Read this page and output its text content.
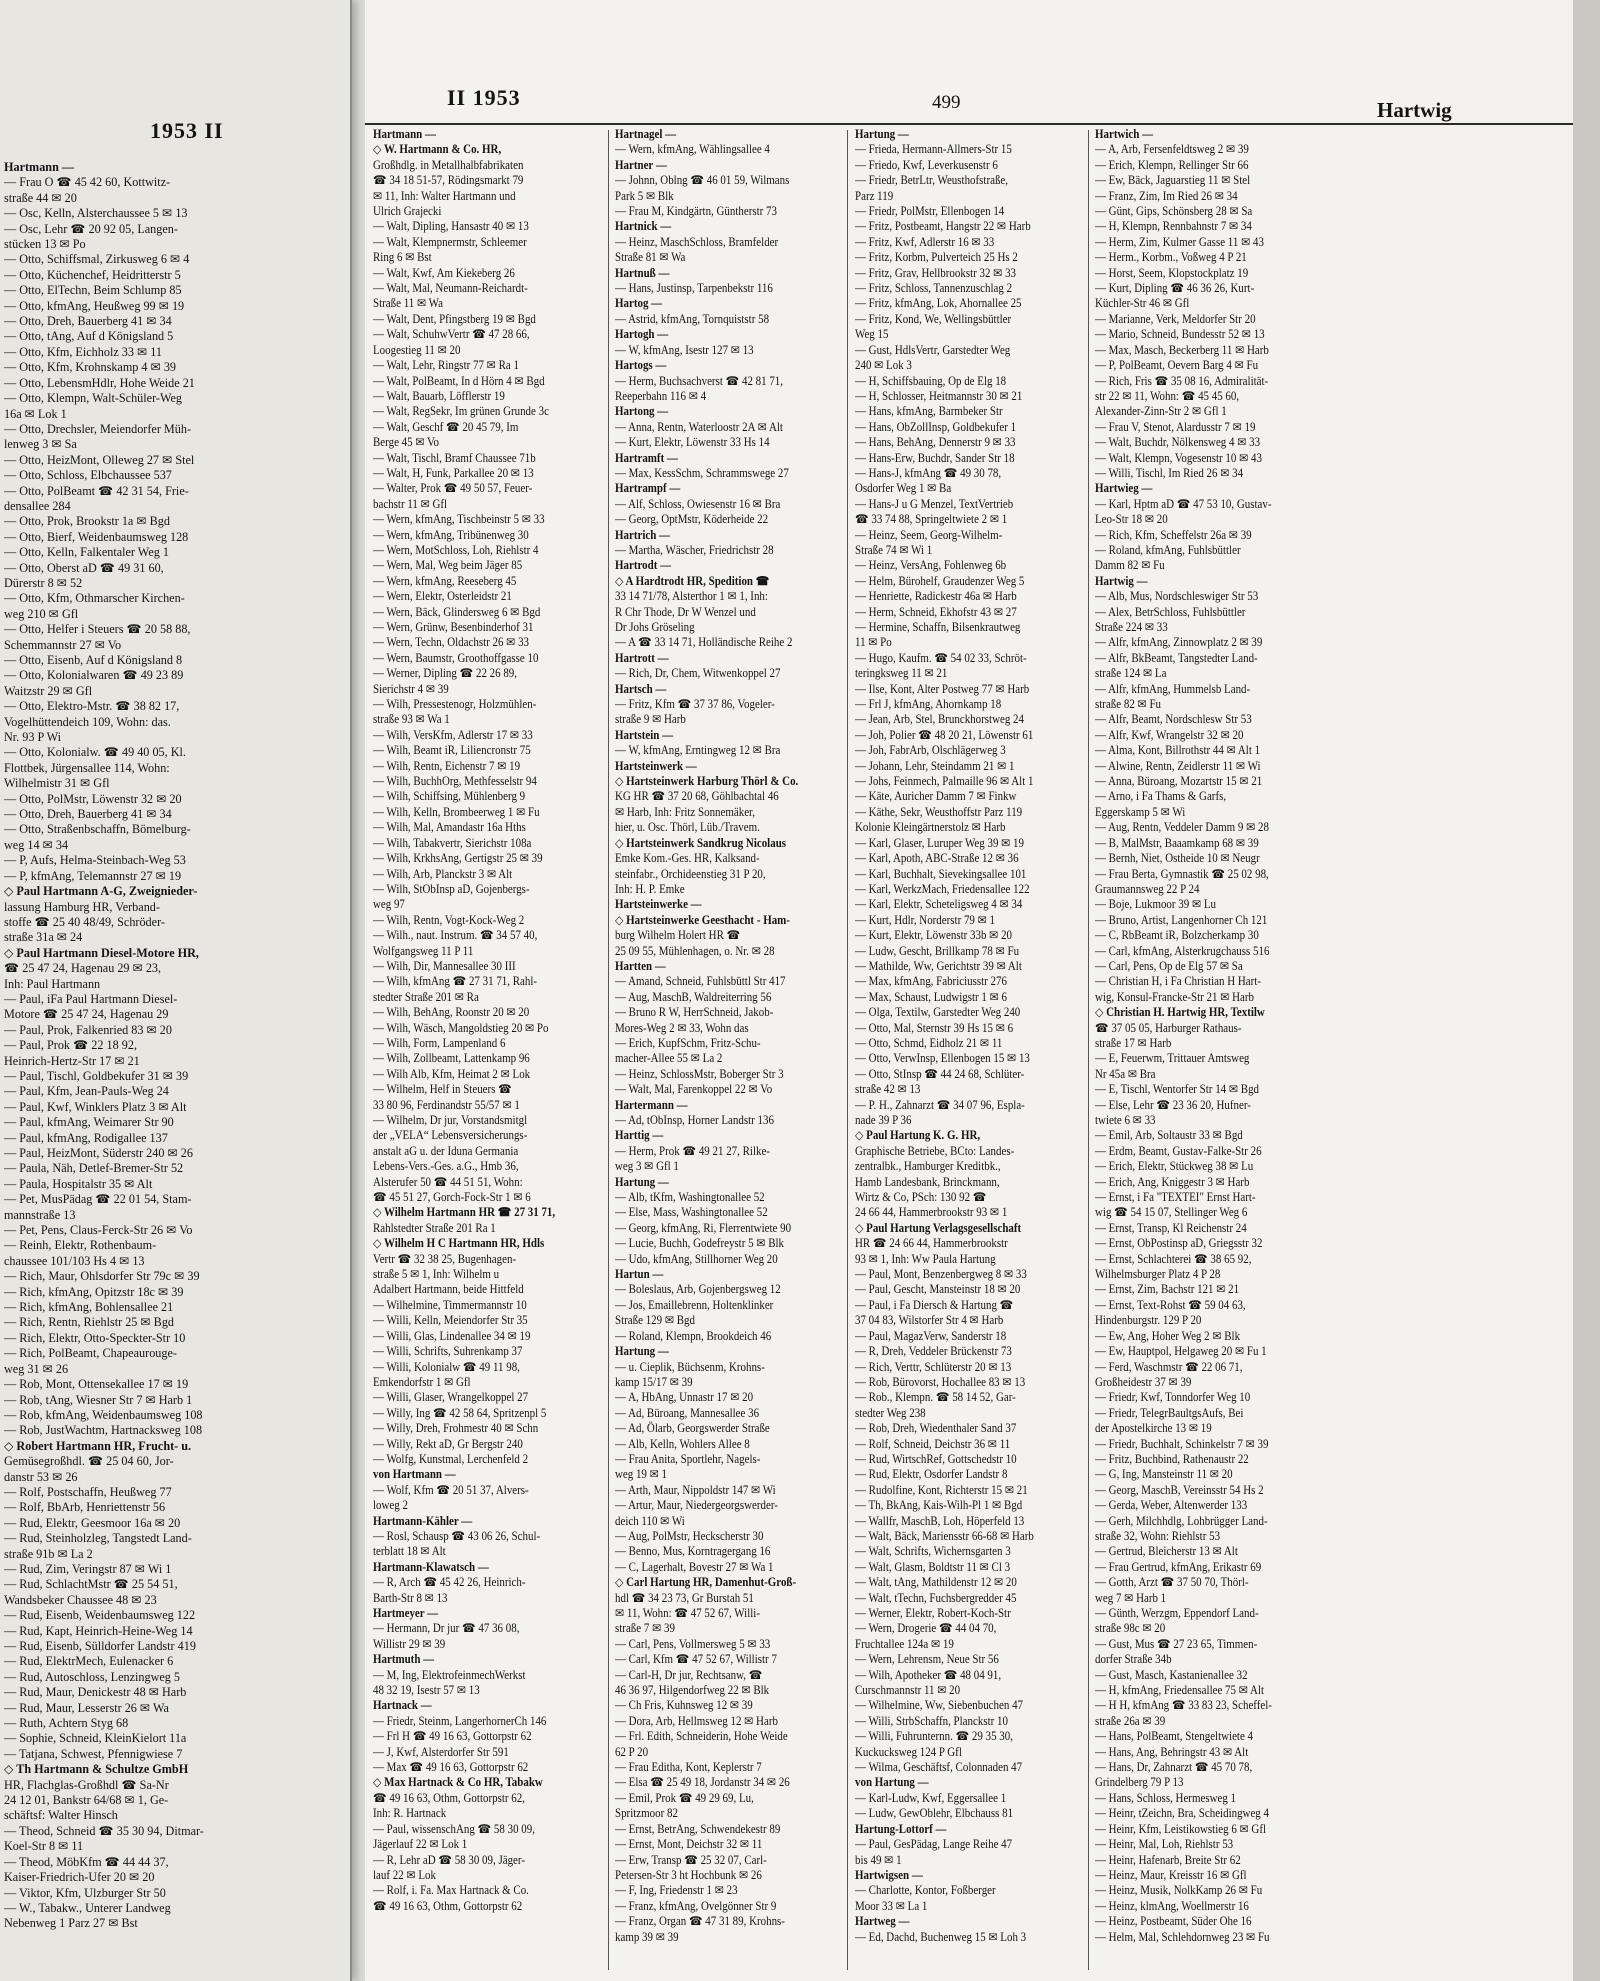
1953 II
Hartmann —
— Frau O ☎ 45 42 60, Kottwitz-
straße 44 ✉ 20
— Osc, Kelln, Alsterchaussee 5 ✉ 13
— Osc, Lehr ☎ 20 92 05, Langen-
stücken 13 ✉ Po
— Otto, Schiffsmal, Zirkusweg 6 ✉ 4
— Otto, Küchenchef, Heidritterstr 5
— Otto, ElTechn, Beim Schlump 85
— Otto, kfmAng, Heußweg 99 ✉ 19
— Otto, Dreh, Bauerberg 41 ✉ 34
— Otto, tAng, Auf d Königsland 5
— Otto, Kfm, Eichholz 33 ✉ 11
— Otto, Kfm, Krohnskamp 4 ✉ 39
— Otto, LebensmHdlr, Hohe Weide 21
— Otto, Klempn, Walt-Schüler-Weg
16a ✉ Lok 1
— Otto, Drechsler, Meiendorfer Müh-
lenweg 3 ✉ Sa
— Otto, HeizMont, Olleweg 27 ✉ Stel
— Otto, Schloss, Elbchaussee 537
— Otto, PolBeamt ☎ 42 31 54, Frie-
densallee 284
— Otto, Prok, Brookstr 1a ✉ Bgd
— Otto, Bierf, Weidenbaumsweg 128
— Otto, Kelln, Falkentaler Weg 1
— Otto, Oberst aD ☎ 49 31 60,
Dürerstr 8 ✉ 52
— Otto, Kfm, Othmarscher Kirchen-
weg 210 ✉ Gfl
— Otto, Helfer i Steuers ☎ 20 58 88,
Schemmannstr 27 ✉ Vo
— Otto, Eisenb, Auf d Königsland 8
— Otto, Kolonialwaren ☎ 49 23 89
Waitzstr 29 ✉ Gfl
— Otto, Elektro-Mstr. ☎ 38 82 17,
Vogelhüttendeich 109, Wohn: das.
Nr. 93 P Wi
— Otto, Kolonialw. ☎ 49 40 05, Kl.
Flottbek, Jürgensallee 114, Wohn:
Wilhelmistr 31 ✉ Gfl
— Otto, PolMstr, Löwenstr 32 ✉ 20
— Otto, Dreh, Bauerberg 41 ✉ 34
— Otto, Straßenbschaffn, Bömelburg-
weg 14 ✉ 34
— P, Aufs, Helma-Steinbach-Weg 53
— P, kfmAng, Telemannstr 27 ✉ 19
◇ Paul Hartmann A-G, Zweignieder-
lassung Hamburg HR, Verband-
stoffe ☎ 25 40 48/49, Schröder-
straße 31a ✉ 24
◇ Paul Hartmann Diesel-Motore HR,
☎ 25 47 24, Hagenau 29 ✉ 23,
Inh: Paul Hartmann
— Paul, iFa Paul Hartmann Diesel-
Motore ☎ 25 47 24, Hagenau 29
— Paul, Prok, Falkenried 83 ✉ 20
— Paul, Prok ☎ 22 18 92,
Heinrich-Hertz-Str 17 ✉ 21
— Paul, Tischl, Goldbekufer 31 ✉ 39
— Paul, Kfm, Jean-Pauls-Weg 24
— Paul, Kwf, Winklers Platz 3 ✉ Alt
— Paul, kfmAng, Weimarer Str 90
— Paul, kfmAng, Rodigallee 137
— Paul, HeizMont, Süderstr 240 ✉ 26
— Paula, Näh, Detlef-Bremer-Str 52
— Paula, Hospitalstr 35 ✉ Alt
— Pet, MusPädag ☎ 22 01 54, Stam-
mannstraße 13
— Pet, Pens, Claus-Ferck-Str 26 ✉ Vo
— Reinh, Elektr, Rothenbaum-
chaussee 101/103 Hs 4 ✉ 13
— Rich, Maur, Ohlsdorfer Str 79c ✉ 39
— Rich, kfmAng, Opitzstr 18c ✉ 39
— Rich, kfmAng, Bohlensallee 21
— Rich, Rentn, Riehlstr 25 ✉ Bgd
— Rich, Elektr, Otto-Speckter-Str 10
— Rich, PolBeamt, Chapeaurouge-
weg 31 ✉ 26
— Rob, Mont, Ottensekallee 17 ✉ 19
— Rob, tAng, Wiesner Str 7 ✉ Harb 1
— Rob, kfmAng, Weidenbaumsweg 108
— Rob, JustWachtm, Hartnacksweg 108
◇ Robert Hartmann HR, Frucht- u.
Gemüsegroßhdl. ☎ 25 04 60, Jor-
danstr 53 ✉ 26
— Rolf, Postschaffn, Heußweg 77
— Rolf, BbArb, Henriettenstr 56
— Rud, Elektr, Geesmoor 16a ✉ 20
— Rud, Steinholzleg, Tangstedt Land-
straße 91b ✉ La 2
— Rud, Zim, Veringstr 87 ✉ Wi 1
— Rud, SchlachtMstr ☎ 25 54 51,
Wandsbeker Chaussee 48 ✉ 23
— Rud, Eisenb, Weidenbaumsweg 122
— Rud, Kapt, Heinrich-Heine-Weg 14
— Rud, Eisenb, Sülldorfer Landstr 419
— Rud, ElektrMech, Eulenacker 6
— Rud, Autoschloss, Lenzingweg 5
— Rud, Maur, Denickestr 48 ✉ Harb
— Rud, Maur, Lesserstr 26 ✉ Wa
— Ruth, Achtern Styg 68
— Sophie, Schneid, KleinKielort 11a
— Tatjana, Schwest, Pfennigwiese 7
◇ Th Hartmann & Schultze GmbH
HR, Flachglas-Großhdl ☎ Sa-Nr
24 12 01, Bankstr 64/68 ✉ 1, Ge-
schäftsf: Walter Hinsch
— Theod, Schneid ☎ 35 30 94, Ditmar-
Koel-Str 8 ✉ 11
— Theod, MöbKfm ☎ 44 44 37,
Kaiser-Friedrich-Ufer 20 ✉ 20
— Viktor, Kfm, Ulzburger Str 50
— W., Tabakw., Unterer Landweg
Nebenweg 1 Parz 27 ✉ Bst
II 1953	499	Hartwig
Hartmann —
◇ W. Hartmann & Co. HR,
Großhdlg. in Metallhalbfabrikaten
☎ 34 18 51-57, Rödingsmarkt 79
✉ 11, Inh: Walter Hartmann und
Ulrich Grajecki
— Walt, Dipling, Hansastr 40 ✉ 13
— Walt, Klempnermstr, Schleemer
Ring 6 ✉ Bst
— Walt, Kwf, Am Kiekeberg 26
— Walt, Mal, Neumann-Reichardt-
Straße 11 ✉ Wa
— Walt, Dent, Pfingstberg 19 ✉ Bgd
— Walt, SchuhwVertr ☎ 47 28 66,
Loogestieg 11 ✉ 20
— Walt, Lehr, Ringstr 77 ✉ Ra 1
— Walt, PolBeamt, In d Hörn 4 ✉ Bgd
— Walt, Bauarb, Löfflerstr 19
— Walt, RegSekr, Im grünen Grunde 3c
— Walt, Geschf ☎ 20 45 79, Im
Berge 45 ✉ Vo
— Walt, Tischl, Bramf Chaussee 71b
— Walt, H, Funk, Parkallee 20 ✉ 13
— Walter, Prok ☎ 49 50 57, Feuer-
bachstr 11 ✉ Gfl
— Wern, kfmAng, Tischbeinstr 5 ✉ 33
— Wern, kfmAng, Tribünenweg 30
— Wern, MotSchloss, Loh, Riehlstr 4
— Wern, Mal, Weg beim Jäger 85
— Wern, kfmAng, Reeseberg 45
— Wern, Elektr, Osterleidstr 21
— Wern, Bäck, Glindersweg 6 ✉ Bgd
— Wern, Grünw, Besenbinderhof 31
— Wern, Techn, Oldachstr 26 ✉ 33
— Wern, Baumstr, Groothoffgasse 10
— Werner, Dipling ☎ 22 26 89,
Sierichstr 4 ✉ 39
— Wilh, Pressestenogr, Holzmühlen-
straße 93 ✉ Wa 1
— Wilh, VersKfm, Adlerstr 17 ✉ 33
— Wilh, Beamt iR, Liliencronstr 75
— Wilh, Rentn, Eichenstr 7 ✉ 19
— Wilh, BuchhOrg, Methfesselstr 94
— Wilh, Schiffsing, Mühlenberg 9
— Wilh, Kelln, Brombeerweg 1 ✉ Fu
— Wilh, Mal, Amandastr 16a Hths
— Wilh, Tabakvertr, Sierichstr 108a
— Wilh, KrkhsAng, Gertigstr 25 ✉ 39
— Wilh, Arb, Planckstr 3 ✉ Alt
— Wilh, StObInsp aD, Gojenbergs-
weg 97
— Wilh, Rentn, Vogt-Kock-Weg 2
— Wilh., naut. Instrum. ☎ 34 57 40,
Wolfgangsweg 11 P 11
— Wilh, Dir, Mannesallee 30 III
— Wilh, kfmAng ☎ 27 31 71, Rahl-
stedter Straße 201 ✉ Ra
— Wilh, BehAng, Roonstr 20 ✉ 20
— Wilh, Wäsch, Mangoldstieg 20 ✉ Po
— Wilh, Form, Lampenland 6
— Wilh, Zollbeamt, Lattenkamp 96
— Wilh Alb, Kfm, Heimat 2 ✉ Lok
— Wilhelm, Helf in Steuers ☎
33 80 96, Ferdinandstr 55/57 ✉ 1
— Wilhelm, Dr jur, Vorstandsmitgl
der „VELA“ Lebensversicherungs-
anstalt aG u. der Iduna Germania
Lebens-Vers.-Ges. a.G., Hmb 36,
Alsterufer 50 ☎ 44 51 51, Wohn:
☎ 45 51 27, Gorch-Fock-Str 1 ✉ 6
◇ Wilhelm Hartmann HR ☎ 27 31 71,
Rahlstedter Straße 201 Ra 1
◇ Wilhelm H C Hartmann HR, Hdls
Vertr ☎ 32 38 25, Bugenhagen-
straße 5 ✉ 1, Inh: Wilhelm u
Adalbert Hartmann, beide Hittfeld
— Wilhelmine, Timmermannstr 10
— Willi, Kelln, Meiendorfer Str 35
— Willi, Glas, Lindenallee 34 ✉ 19
— Willi, Schrifts, Suhrenkamp 37
— Willi, Kolonialw ☎ 49 11 98,
Emkendorfstr 1 ✉ Gfl
— Willi, Glaser, Wrangelkoppel 27
— Willy, Ing ☎ 42 58 64, Spritzenpl 5
— Willy, Dreh, Frohmestr 40 ✉ Schn
— Willy, Rekt aD, Gr Bergstr 240
— Wolfg, Kunstmal, Lerchenfeld 2
von Hartmann —
— Wolf, Kfm ☎ 20 51 37, Alvers-
loweg 2
Hartmann-Kähler —
— Rosl, Schausp ☎ 43 06 26, Schul-
terblatt 18 ✉ Alt
Hartmann-Klawatsch —
— R, Arch ☎ 45 42 26, Heinrich-
Barth-Str 8 ✉ 13
Hartmeyer —
— Hermann, Dr jur ☎ 47 36 08,
Willistr 29 ✉ 39
Hartmuth —
— M, Ing, ElektrofeinmechWerkst
48 32 19, Isestr 57 ✉ 13
Hartnack —
— Friedr, Steinm, LangerhornerCh 146
— Frl H ☎ 49 16 63, Gottorpstr 62
— J, Kwf, Alsterdorfer Str 591
— Max ☎ 49 16 63, Gottorpstr 62
◇ Max Hartnack & Co HR, Tabakw
☎ 49 16 63, Othm, Gottorpstr 62,
Inh: R. Hartnack
— Paul, wissenschAng ☎ 58 30 09,
Jägerlauf 22 ✉ Lok 1
— R, Lehr aD ☎ 58 30 09, Jäger-
lauf 22 ✉ Lok
— Rolf, i. Fa. Max Hartnack & Co.
☎ 49 16 63, Othm, Gottorpstr 62
Hartnagel —
— Wern, kfmAng, Wählingsallee 4
Hartner —
— Johnn, Oblng ☎ 46 01 59, Wilmans
Park 5 ✉ Blk
— Frau M, Kindgärtn, Güntherstr 73
Hartnick —
— Heinz, MaschSchloss, Bramfelder
Straße 81 ✉ Wa
Hartnuß —
— Hans, Justinsp, Tarpenbekstr 116
Hartog —
— Astrid, kfmAng, Tornquiststr 58
Hartogh —
— W, kfmAng, Isestr 127 ✉ 13
Hartogs —
— Herm, Buchsachverst ☎ 42 81 71,
Reeperbahn 116 ✉ 4
Hartong —
— Anna, Rentn, Waterloostr 2A ✉ Alt
— Kurt, Elektr, Löwenstr 33 Hs 14
Hartramft —
— Max, KessSchm, Schrammswege 27
Hartrampf —
— Alf, Schloss, Owiesenstr 16 ✉ Bra
— Georg, OptMstr, Köderheide 22
Hartrich —
— Martha, Wäscher, Friedrichstr 28
Hartrodt —
◇ A Hardtrodt HR, Spedition ☎
33 14 71/78, Alsterthor 1 ✉ 1, Inh:
R Chr Thode, Dr W Wenzel und
Dr Johs Gröseling
— A ☎ 33 14 71, Holländische Reihe 2
Hartrott —
— Rich, Dr, Chem, Witwenkoppel 27
Hartsch —
— Fritz, Kfm ☎ 37 37 86, Vogeler-
straße 9 ✉ Harb
Hartstein —
— W, kfmAng, Erntingweg 12 ✉ Bra
Hartsteinwerk —
◇ Hartsteinwerk Harburg Thörl & Co.
KG HR ☎ 37 20 68, Göhlbachtal 46
✉ Harb, Inh: Fritz Sonnemäker,
hier, u. Osc. Thörl, Lüb./Travem.
◇ Hartsteinwerk Sandkrug Nicolaus
Emke Kom.-Ges. HR, Kalksand-
steinfabr., Orchideenstieg 31 P 20,
Inh: H. P. Emke
Hartsteinwerke —
◇ Hartsteinwerke Geesthacht - Ham-
burg Wilhelm Holert HR ☎
25 09 55, Mühlenhagen, o. Nr. ✉ 28
Hartten —
— Amand, Schneid, Fuhlsbüttl Str 417
— Aug, MaschB, Waldreiterring 56
— Bruno R W, HerrSchneid, Jakob-
Mores-Weg 2 ✉ 33, Wohn das
— Erich, KupfSchm, Fritz-Schu-
macher-Allee 55 ✉ La 2
— Heinz, SchlossMstr, Boberger Str 3
— Walt, Mal, Farenkoppel 22 ✉ Vo
Hartermann —
— Ad, tObInsp, Horner Landstr 136
Harttig —
— Herm, Prok ☎ 49 21 27, Rilke-
weg 3 ✉ Gfl 1
Hartung —
— Alb, tKfm, Washingtonallee 52
— Else, Mass, Washingtonallee 52
— Georg, kfmAng, Ri, Flerrentwiete 90
— Lucie, Buchh, Godefreystr 5 ✉ Blk
— Udo, kfmAng, Stillhorner Weg 20
Hartun —
— Boleslaus, Arb, Gojenbergsweg 12
— Jos, Emaillebrenn, Holtenklinker
Straße 129 ✉ Bgd
— Roland, Klempn, Brookdeich 46
Hartung —
— u. Cieplik, Büchsenm, Krohns-
kamp 15/17 ✉ 39
— A, HbAng, Unnastr 17 ✉ 20
— Ad, Büroang, Mannesallee 36
— Ad, Ölarb, Georgswerder Straße
— Alb, Kelln, Wohlers Allee 8
— Frau Anita, Sportlehr, Nagels-
weg 19 ✉ 1
— Arth, Maur, Nippoldstr 147 ✉ Wi
— Artur, Maur, Niedergeorgswerder-
deich 110 ✉ Wi
— Aug, PolMstr, Heckscherstr 30
— Benno, Mus, Korntragergang 16
— C, Lagerhalt, Bovestr 27 ✉ Wa 1
◇ Carl Hartung HR, Damenhut-Groß-
hdl ☎ 34 23 73, Gr Burstah 51
✉ 11, Wohn: ☎ 47 52 67, Willi-
straße 7 ✉ 39
— Carl, Pens, Vollmersweg 5 ✉ 33
— Carl, Kfm ☎ 47 52 67, Willistr 7
— Carl-H, Dr jur, Rechtsanw, ☎
46 36 97, Hilgendorfweg 22 ✉ Blk
— Ch Fris, Kuhnsweg 12 ✉ 39
— Dora, Arb, Hellmsweg 12 ✉ Harb
— Frl. Edith, Schneiderin, Hohe Weide
62 P 20
— Frau Editha, Kont, Keplerstr 7
— Elsa ☎ 25 49 18, Jordanstr 34 ✉ 26
— Emil, Prok ☎ 49 29 69, Lu,
Spritzmoor 82
— Ernst, BetrAng, Schwendekestr 89
— Ernst, Mont, Deichstr 32 ✉ 11
— Erw, Transp ☎ 25 32 07, Carl-
Petersen-Str 3 ht Hochbunk ✉ 26
— F, Ing, Friedenstr 1 ✉ 23
— Franz, kfmAng, Ovelgönner Str 9
— Franz, Organ ☎ 47 31 89, Krohns-
kamp 39 ✉ 39
Hartung —
— Frieda, Hermann-Allmers-Str 15
— Friedo, Kwf, Leverkusenstr 6
— Friedr, BetrLtr, Weusthofstraße,
Parz 119
— Friedr, PolMstr, Ellenbogen 14
— Fritz, Postbeamt, Hangstr 22 ✉ Harb
— Fritz, Kwf, Adlerstr 16 ✉ 33
— Fritz, Korbm, Pulverteich 25 Hs 2
— Fritz, Grav, Hellbrookstr 32 ✉ 33
— Fritz, Schloss, Tannenzuschlag 2
— Fritz, kfmAng, Lok, Ahornallee 25
— Fritz, Kond, We, Wellingsbüttler
Weg 15
— Gust, HdlsVertr, Garstedter Weg
240 ✉ Lok 3
— H, Schiffsbauing, Op de Elg 18
— H, Schlosser, Heitmannstr 30 ✉ 21
— Hans, kfmAng, Barmbeker Str
— Hans, ObZollInsp, Goldbekufer 1
— Hans, BehAng, Dennerstr 9 ✉ 33
— Hans-Erw, Buchdr, Sander Str 18
— Hans-J, kfmAng ☎ 49 30 78,
Osdorfer Weg 1 ✉ Ba
— Hans-J u G Menzel, TextVertrieb
☎ 33 74 88, Springeltwiete 2 ✉ 1
— Heinz, Seem, Georg-Wilhelm-
Straße 74 ✉ Wi 1
— Heinz, VersAng, Fohlenweg 6b
— Helm, Bürohelf, Graudenzer Weg 5
— Henriette, Radickestr 46a ✉ Harb
— Herm, Schneid, Ekhofstr 43 ✉ 27
— Hermine, Schaffn, Bilsenkrautweg
11 ✉ Po
— Hugo, Kaufm. ☎ 54 02 33, Schröt-
teringksweg 11 ✉ 21
— Ilse, Kont, Alter Postweg 77 ✉ Harb
— Frl J, kfmAng, Ahornkamp 18
— Jean, Arb, Stel, Brunckhorstweg 24
— Joh, Polier ☎ 48 20 21, Löwenstr 61
— Joh, FabrArb, Olschlägerweg 3
— Johann, Lehr, Steindamm 21 ✉ 1
— Johs, Feinmech, Palmaille 96 ✉ Alt 1
— Käte, Auricher Damm 7 ✉ Finkw
— Käthe, Sekr, Weusthoffstr Parz 119
Kolonie Kleingärtnerstolz ✉ Harb
— Karl, Glaser, Luruper Weg 39 ✉ 19
— Karl, Apoth, ABC-Straße 12 ✉ 36
— Karl, Buchhalt, Sievekingsallee 101
— Karl, WerkzMach, Friedensallee 122
— Karl, Elektr, Scheteligsweg 4 ✉ 34
— Kurt, Hdlr, Norderstr 79 ✉ 1
— Kurt, Elektr, Löwenstr 33b ✉ 20
— Ludw, Gescht, Brillkamp 78 ✉ Fu
— Mathilde, Ww, Gerichtstr 39 ✉ Alt
— Max, kfmAng, Fabriciusstr 276
— Max, Schaust, Ludwigstr 1 ✉ 6
— Olga, Textilw, Garstedter Weg 240
— Otto, Mal, Sternstr 39 Hs 15 ✉ 6
— Otto, Schmd, Eidholz 21 ✉ 11
— Otto, VerwInsp, Ellenbogen 15 ✉ 13
— Otto, StInsp ☎ 44 24 68, Schlüter-
straße 42 ✉ 13
— P. H., Zahnarzt ☎ 34 07 96, Espla-
nade 39 P 36
◇ Paul Hartung K. G. HR,
Graphische Betriebe, BCto: Landes-
zentralbk., Hamburger Kreditbk.,
Hamb Landesbank, Brinckmann,
Wirtz & Co, PSch: 130 92 ☎
24 66 44, Hammerbrookstr 93 ✉ 1
◇ Paul Hartung Verlagsgesellschaft
HR ☎ 24 66 44, Hammerbrookstr
93 ✉ 1, Inh: Ww Paula Hartung
— Paul, Mont, Benzenbergweg 8 ✉ 33
— Paul, Gescht, Mansteinstr 18 ✉ 20
— Paul, i Fa Diersch & Hartung ☎
37 04 83, Wilstorfer Str 4 ✉ Harb
— Paul, MagazVerw, Sanderstr 18
— R, Dreh, Veddeler Brückenstr 73
— Rich, Verttr, Schlüterstr 20 ✉ 13
— Rob, Bürovorst, Hochallee 83 ✉ 13
— Rob., Klempn. ☎ 58 14 52, Gar-
stedter Weg 238
— Rob, Dreh, Wiedenthaler Sand 37
— Rolf, Schneid, Deichstr 36 ✉ 11
— Rud, WirtschRef, Gottschedstr 10
— Rud, Elektr, Osdorfer Landstr 8
— Rudolfine, Kont, Richterstr 15 ✉ 21
— Th, BkAng, Kais-Wilh-Pl 1 ✉ Bgd
— Wallfr, MaschB, Loh, Höperfeld 13
— Walt, Bäck, Mariensstr 66-68 ✉ Harb
— Walt, Schrifts, Wichernsgarten 3
— Walt, Glasm, Boldtstr 11 ✉ Cl 3
— Walt, tAng, Mathildenstr 12 ✉ 20
— Walt, tTechn, Fuchsbergredder 45
— Werner, Elektr, Robert-Koch-Str
— Wern, Drogerie ☎ 44 04 70,
Fruchtallee 124a ✉ 19
— Wern, Lehrensm, Neue Str 56
— Wilh, Apotheker ☎ 48 04 91,
Curschmannstr 11 ✉ 20
— Wilhelmine, Ww, Siebenbuchen 47
— Willi, StrbSchaffn, Planckstr 10
— Willi, Fuhrunternn. ☎ 29 35 30,
Kuckucksweg 124 P Gfl
— Wilma, Geschäftsf, Colonnaden 47
von Hartung —
— Karl-Ludw, Kwf, Eggersallee 1
— Ludw, GewOblehr, Elbchauss 81
Hartung-Lottorf —
— Paul, GesPädag, Lange Reihe 47
bis 49 ✉ 1
Hartwigsen —
— Charlotte, Kontor, Foßberger
Moor 33 ✉ La 1
Hartweg —
— Ed, Dachd, Buchenweg 15 ✉ Loh 3
Hartwich —
— A, Arb, Fersenfeldtsweg 2 ✉ 39
— Erich, Klempn, Rellinger Str 66
— Ew, Bäck, Jaguarstieg 11 ✉ Stel
— Franz, Zim, Im Ried 26 ✉ 34
— Günt, Gips, Schönsberg 28 ✉ Sa
— H, Klempn, Rennbahnstr 7 ✉ 34
— Herm, Zim, Kulmer Gasse 11 ✉ 43
— Herm., Korbm., Voßweg 4 P 21
— Horst, Seem, Klopstockplatz 19
— Kurt, Dipling ☎ 46 36 26, Kurt-
Küchler-Str 46 ✉ Gfl
— Marianne, Verk, Meldorfer Str 20
— Mario, Schneid, Bundesstr 52 ✉ 13
— Max, Masch, Beckerberg 11 ✉ Harb
— P, PolBeamt, Oevern Barg 4 ✉ Fu
— Rich, Fris ☎ 35 08 16, Admiralität-
str 22 ✉ 11, Wohn: ☎ 45 45 60,
Alexander-Zinn-Str 2 ✉ Gfl 1
— Frau V, Stenot, Alardusstr 7 ✉ 19
— Walt, Buchdr, Nölkensweg 4 ✉ 33
— Walt, Klempn, Vogesenstr 10 ✉ 43
— Willi, Tischl, Im Ried 26 ✉ 34
Hartwieg —
— Karl, Hptm aD ☎ 47 53 10, Gustav-
Leo-Str 18 ✉ 20
— Rich, Kfm, Scheffelstr 26a ✉ 39
— Roland, kfmAng, Fuhlsbüttler
Damm 82 ✉ Fu
Hartwig —
— Alb, Mus, Nordschleswiger Str 53
— Alex, BetrSchloss, Fuhlsbüttler
Straße 224 ✉ 33
— Alfr, kfmAng, Zinnowplatz 2 ✉ 39
— Alfr, BkBeamt, Tangstedter Land-
straße 124 ✉ La
— Alfr, kfmAng, Hummelsb Land-
straße 82 ✉ Fu
— Alfr, Beamt, Nordschlesw Str 53
— Alfr, Kwf, Wrangelstr 32 ✉ 20
— Alma, Kont, Billrothstr 44 ✉ Alt 1
— Alwine, Rentn, Zeidlerstr 11 ✉ Wi
— Anna, Büroang, Mozartstr 15 ✉ 21
— Arno, i Fa Thams & Garfs,
Eggerskamp 5 ✉ Wi
— Aug, Rentn, Veddeler Damm 9 ✉ 28
— B, MalMstr, Baaamkamp 68 ✉ 39
— Bernh, Niet, Ostheide 10 ✉ Neugr
— Frau Berta, Gymnastik ☎ 25 02 98,
Graumannsweg 22 P 24
— Boje, Lukmoor 39 ✉ Lu
— Bruno, Artist, Langenhorner Ch 121
— C, RbBeamt iR, Bolzcherkamp 30
— Carl, kfmAng, Alsterkrugchauss 516
— Carl, Pens, Op de Elg 57 ✉ Sa
— Christian H, i Fa Christian H Hart-
wig, Konsul-Francke-Str 21 ✉ Harb
◇ Christian H. Hartwig HR, Textilw
☎ 37 05 05, Harburger Rathaus-
straße 17 ✉ Harb
— E, Feuerwm, Trittauer Amtsweg
Nr 45a ✉ Bra
— E, Tischl, Wentorfer Str 14 ✉ Bgd
— Else, Lehr ☎ 23 36 20, Hufner-
twiete 6 ✉ 33
— Emil, Arb, Soltaustr 33 ✉ Bgd
— Erdm, Beamt, Gustav-Falke-Str 26
— Erich, Elektr, Stückweg 38 ✉ Lu
— Erich, Ang, Kniggestr 3 ✉ Harb
— Ernst, i Fa "TEXTEI" Ernst Hart-
wig ☎ 54 15 07, Stellinger Weg 6
— Ernst, Transp, Kl Reichenstr 24
— Ernst, ObPostinsp aD, Griegsstr 32
— Ernst, Schlachterei ☎ 38 65 92,
Wilhelmsburger Platz 4 P 28
— Ernst, Zim, Bachstr 121 ✉ 21
— Ernst, Text-Rohst ☎ 59 04 63,
Hindenburgstr. 129 P 20
— Ew, Ang, Hoher Weg 2 ✉ Blk
— Ew, Hauptpol, Helgaweg 20 ✉ Fu 1
— Ferd, Waschmstr ☎ 22 06 71,
Großheidestr 37 ✉ 39
— Friedr, Kwf, Tonndorfer Weg 10
— Friedr, TelegrBaultgsAufs, Bei
der Apostelkirche 13 ✉ 19
— Friedr, Buchhalt, Schinkelstr 7 ✉ 39
— Fritz, Buchbind, Rathenaustr 22
— G, Ing, Mansteinstr 11 ✉ 20
— Georg, MaschB, Vereinsstr 54 Hs 2
— Gerda, Weber, Altenwerder 133
— Gerh, Milchhdlg, Lohbrügger Land-
straße 32, Wohn: Riehlstr 53
— Gertrud, Bleicherstr 13 ✉ Alt
— Frau Gertrud, kfmAng, Erikastr 69
— Gotth, Arzt ☎ 37 50 70, Thörl-
weg 7 ✉ Harb 1
— Günth, Werzgm, Eppendorf Land-
straße 98c ✉ 20
— Gust, Mus ☎ 27 23 65, Timmen-
dorfer Straße 34b
— Gust, Masch, Kastanienallee 32
— H, kfmAng, Friedensallee 75 ✉ Alt
— H H, kfmAng ☎ 33 83 23, Scheffel-
straße 26a ✉ 39
— Hans, PolBeamt, Stengeltwiete 4
— Hans, Ang, Behringstr 43 ✉ Alt
— Hans, Dr, Zahnarzt ☎ 45 70 78,
Grindelberg 79 P 13
— Hans, Schloss, Hermesweg 1
— Heinr, tZeichn, Bra, Scheidingweg 4
— Heinr, Kfm, Leistikowstieg 6 ✉ Gfl
— Heinr, Mal, Loh, Riehlstr 53
— Heinr, Hafenarb, Breite Str 62
— Heinz, Maur, Kreisstr 16 ✉ Gfl
— Heinz, Musik, NolkKamp 26 ✉ Fu
— Heinz, klmAng, Woellmerstr 16
— Heinz, Postbeamt, Süder Ohe 16
— Helm, Mal, Schlehdornweg 23 ✉ Fu
